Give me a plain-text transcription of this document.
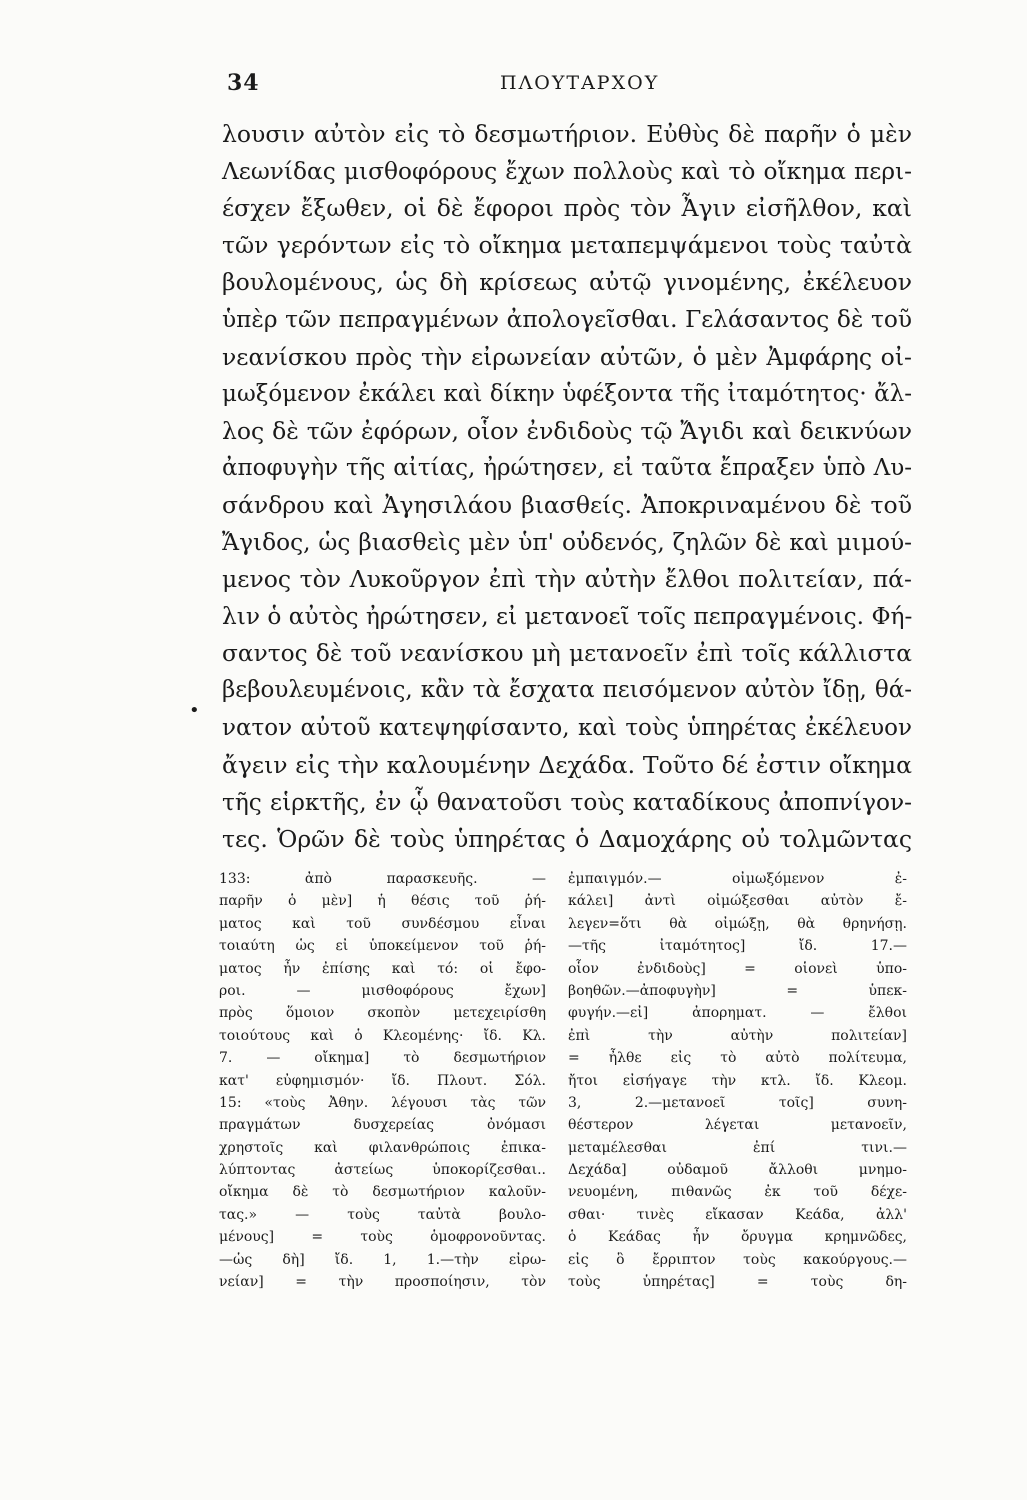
34	ΠΛΟΥΤΑΡΧΟΥ
•
λουσιν αὐτὸν εἰς τὸ δεσμωτήριον. Εὐθὺς δὲ παρῆν ὁ μὲν
Λεωνίδας μισθοφόρους ἔχων πολλοὺς καὶ τὸ οἴκημα περι-
έσχεν ἔξωθεν, οἱ δὲ ἔφοροι πρὸς τὸν Ἆγιν εἰσῆλθον, καὶ
τῶν γερόντων εἰς τὸ οἴκημα μεταπεμψάμενοι τοὺς ταὐτὰ
βουλομένους, ὡς δὴ κρίσεως αὐτῷ γινομένης, ἐκέλευον
ὑπὲρ τῶν πεπραγμένων ἀπολογεῖσθαι. Γελάσαντος δὲ τοῦ
νεανίσκου πρὸς τὴν εἰρωνείαν αὐτῶν, ὁ μὲν Ἀμφάρης οἰ-
μωξόμενον ἐκάλει καὶ δίκην ὑφέξοντα τῆς ἰταμότητος· ἄλ-
λος δὲ τῶν ἐφόρων, οἷον ἐνδιδοὺς τῷ Ἄγιδι καὶ δεικνύων
ἀποφυγὴν τῆς αἰτίας, ἠρώτησεν, εἰ ταῦτα ἔπραξεν ὑπὸ Λυ-
σάνδρου καὶ Ἀγησιλάου βιασθείς. Ἀποκριναμένου δὲ τοῦ
Ἄγιδος, ὡς βιασθεὶς μὲν ὑπ' οὐδενός, ζηλῶν δὲ καὶ μιμού-
μενος τὸν Λυκοῦργον ἐπὶ τὴν αὐτὴν ἔλθοι πολιτείαν, πά-
λιν ὁ αὐτὸς ἠρώτησεν, εἰ μετανοεῖ τοῖς πεπραγμένοις. Φή-
σαντος δὲ τοῦ νεανίσκου μὴ μετανοεῖν ἐπὶ τοῖς κάλλιστα
βεβουλευμένοις, κἂν τὰ ἔσχατα πεισόμενον αὐτὸν ἴδῃ, θά-
νατον αὐτοῦ κατεψηφίσαντο, καὶ τοὺς ὑπηρέτας ἐκέλευον
ἄγειν εἰς τὴν καλουμένην Δεχάδα. Τοῦτο δέ ἐστιν οἴκημα
τῆς εἱρκτῆς, ἐν ᾧ θανατοῦσι τοὺς καταδίκους ἀποπνίγον-
τες. Ὁρῶν δὲ τοὺς ὑπηρέτας ὁ Δαμοχάρης οὐ τολμῶντας
133: ἀπὸ παρασκευῆς. —
παρῆν ὁ μὲν] ἡ θέσις τοῦ ῥή-
ματος καὶ τοῦ συνδέσμου εἶναι
τοιαύτη ὡς εἰ ὑποκείμενον τοῦ ῥή-
ματος ἦν ἐπίσης καὶ τό: οἱ ἔφο-
ροι. — μισθοφόρους ἔχων]
πρὸς ὅμοιον σκοπὸν μετεχειρίσθη
τοιούτους καὶ ὁ Κλεομένης· ἴδ. Κλ.
7. — οἴκημα] τὸ δεσμωτήριον
κατ' εὐφημισμόν· ἴδ. Πλουτ. Σόλ.
15: «τοὺς Ἀθην. λέγουσι τὰς τῶν
πραγμάτων δυσχερείας ὀνόμασι
χρηστοῖς καὶ φιλανθρώποις ἐπικα-
λύπτοντας ἀστείως ὑποκορίζεσθαι..
οἴκημα δὲ τὸ δεσμωτήριον καλοῦν-
τας.» — τοὺς ταὐτὰ βουλο-
μένους] = τοὺς ὁμοφρονοῦντας.
—ὡς δὴ] ἴδ. 1, 1.—τὴν εἰρω-
νείαν] = τὴν προσποίησιν, τὸν
ἐμπαιγμόν.— οἰμωξόμενον ἐ-
κάλει] ἀντὶ οἰμώξεσθαι αὐτὸν ἔ-
λεγεν=ὅτι θὰ οἰμώξῃ, θὰ θρηνήσῃ.
—τῆς ἰταμότητος] ἴδ. 17.—
οἷον ἐνδιδοὺς] = οἱονεὶ ὑπο-
βοηθῶν.—ἀποφυγὴν] = ὑπεκ-
φυγήν.—εἰ] ἀπορηματ. — ἔλθοι
ἐπὶ τὴν αὐτὴν πολιτείαν]
= ἦλθε εἰς τὸ αὐτὸ πολίτευμα,
ἤτοι εἰσήγαγε τὴν κτλ. ἴδ. Κλεομ.
3, 2.—μετανοεῖ τοῖς] συνη-
θέστερον λέγεται μετανοεῖν,
μεταμέλεσθαι ἐπί τινι.—
Δεχάδα] οὐδαμοῦ ἄλλοθι μνημο-
νευομένη, πιθανῶς ἐκ τοῦ δέχε-
σθαι· τινὲς εἴκασαν Κεάδα, ἀλλ'
ὁ Κεάδας ἦν ὄρυγμα κρημνῶδες,
εἰς ὃ ἔρριπτον τοὺς κακούργους.—
τοὺς ὑπηρέτας] = τοὺς δη-
